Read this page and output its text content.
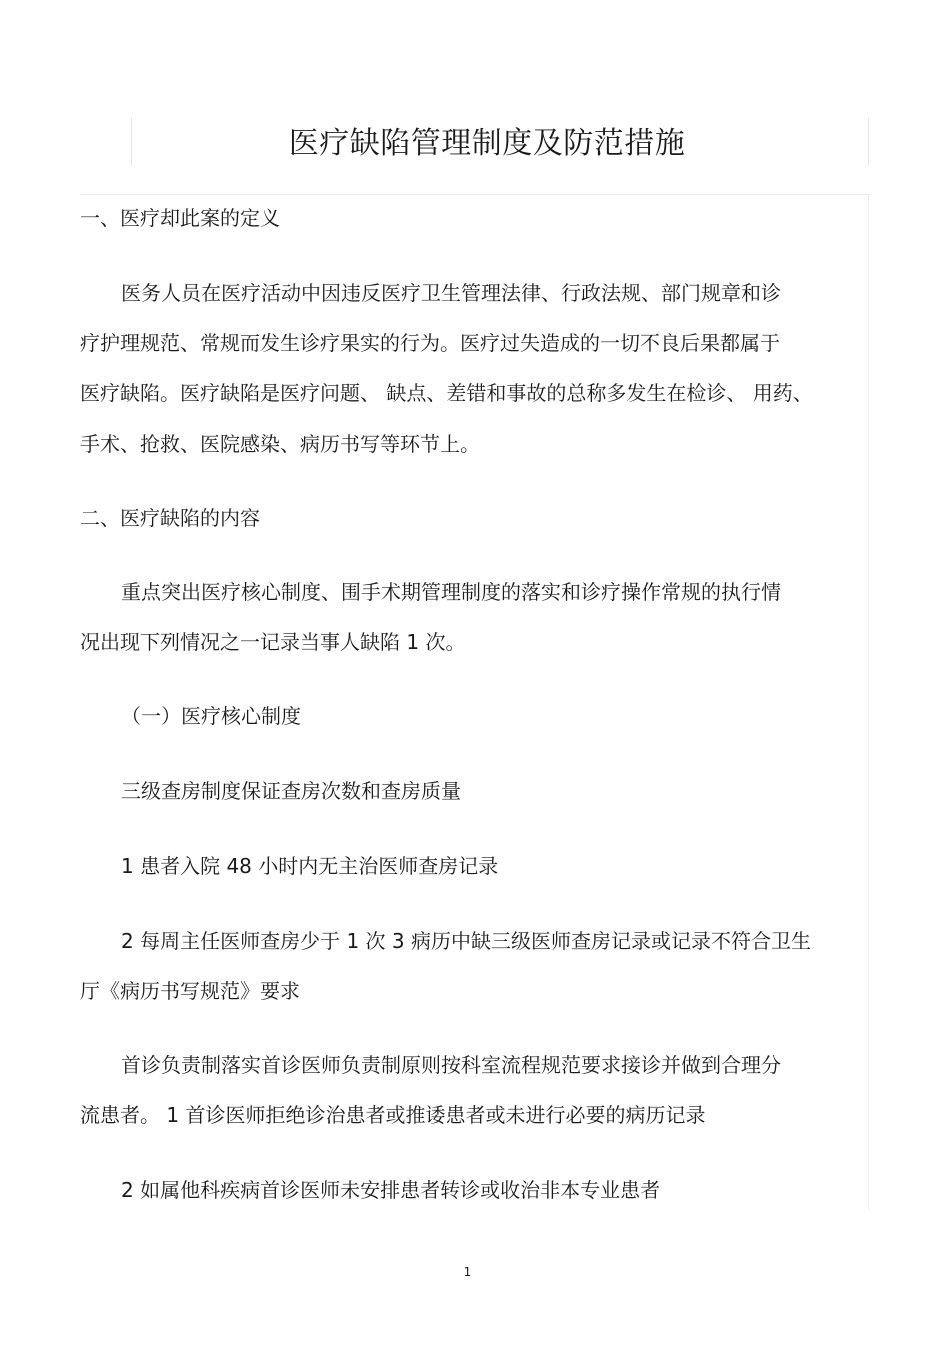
医疗缺陷管理制度及防范措施
一、医疗却此案的定义
医务人员在医疗活动中因违反医疗卫生管理法律、行政法规、部门规章和诊
疗护理规范、常规而发生诊疗果实的行为。医疗过失造成的一切不良后果都属于
医疗缺陷。医疗缺陷是医疗问题、 缺点、差错和事故的总称多发生在检诊、 用药、
手术、抢救、医院感染、病历书写等环节上。
二、医疗缺陷的内容
重点突出医疗核心制度、围手术期管理制度的落实和诊疗操作常规的执行情
况出现下列情况之一记录当事人缺陷 1 次。
（一）医疗核心制度
三级查房制度保证查房次数和查房质量
1 患者入院 48 小时内无主治医师查房记录
2 每周主任医师查房少于 1 次 3 病历中缺三级医师查房记录或记录不符合卫生
厅《病历书写规范》要求
首诊负责制落实首诊医师负责制原则按科室流程规范要求接诊并做到合理分
流患者。 1 首诊医师拒绝诊治患者或推诿患者或未进行必要的病历记录
2 如属他科疾病首诊医师未安排患者转诊或收治非本专业患者
1
